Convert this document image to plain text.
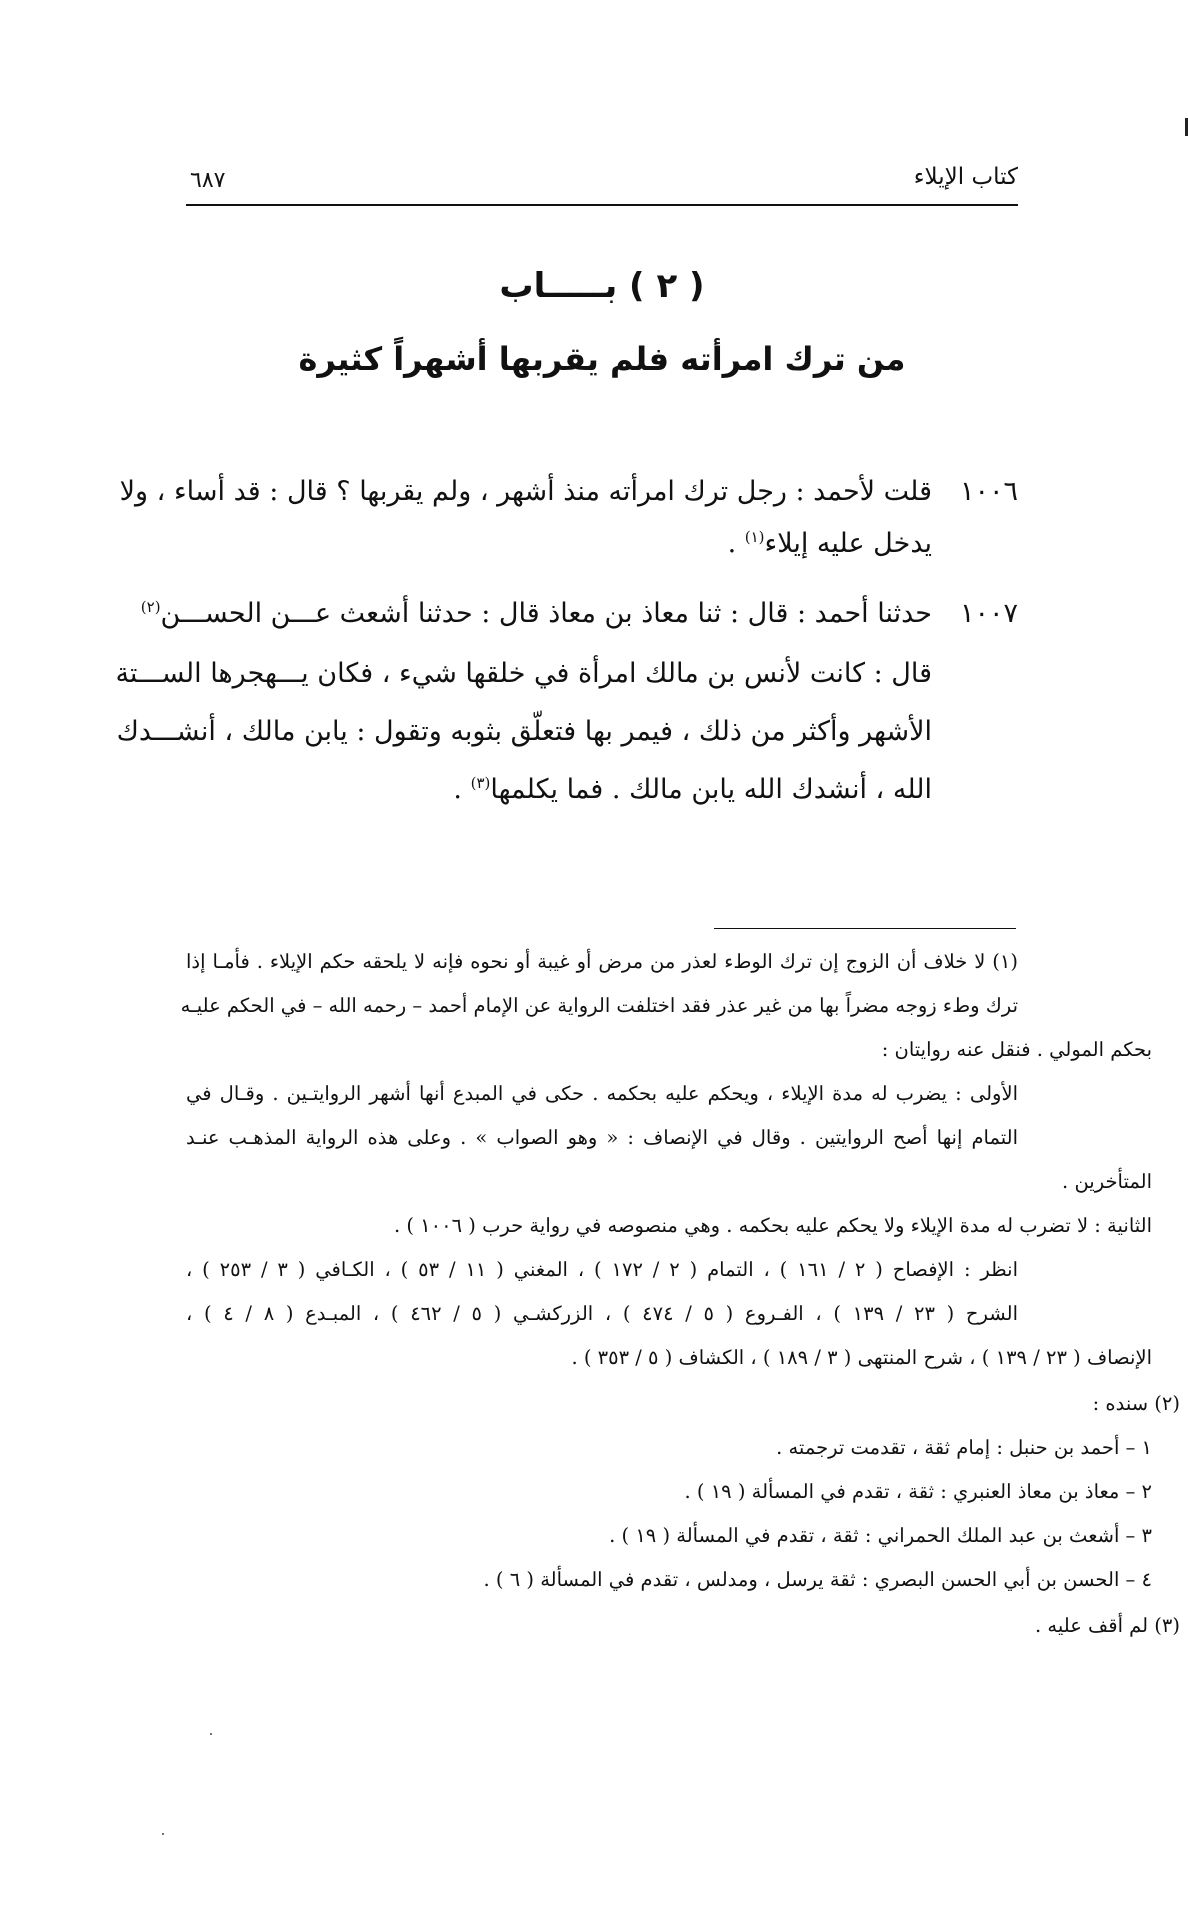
كتاب الإيلاء
٦٨٧
( ٢ ) بـــــاب
من ترك امرأته فلم يقربها أشهراً كثيرة
١٠٠٦
قلت لأحمد : رجل ترك امرأته منذ أشهر ، ولم يقربها ؟ قال : قد أساء ، ولا
يدخل عليه إيلاء$^{(١)}$ .
١٠٠٧
حدثنا أحمد : قال : ثنا معاذ بن معاذ قال : حدثنا أشعث عـــن الحســـن$^{(٢)}$
قال : كانت لأنس بن مالك امرأة في خلقها شيء ، فكان يـــهجرها الســـتة
الأشهر وأكثر من ذلك ، فيمر بها فتعلّق بثوبه وتقول : يابن مالك ، أنشـــدك
الله ، أنشدك الله يابن مالك . فما يكلمها$^{(٣)}$ .
(١) لا خلاف أن الزوج إن ترك الوطء لعذر من مرض أو غيبة أو نحوه فإنه لا يلحقه حكم الإيلاء . فأمـا إذا
ترك وطء زوجه مضراً بها من غير عذر فقد اختلفت الرواية عن الإمام أحمد – رحمه الله – في الحكم عليـه
بحكم المولي . فنقل عنه روايتان :
الأولى : يضرب له مدة الإيلاء ، ويحكم عليه بحكمه . حكى في المبدع أنها أشهر الروايتـين . وقـال في
التمام إنها أصح الروايتين . وقال في الإنصاف : « وهو الصواب » . وعلى هذه الرواية المذهـب عنـد
المتأخرين .
الثانية : لا تضرب له مدة الإيلاء ولا يحكم عليه بحكمه . وهي منصوصه في رواية حرب ( ١٠٠٦ ) .
انظر : الإفصاح ( ٢ / ١٦١ ) ، التمام ( ٢ / ١٧٢ ) ، المغني ( ١١ / ٥٣ ) ، الكـافي ( ٣ / ٢٥٣ ) ،
الشرح ( ٢٣ / ١٣٩ ) ، الفـروع ( ٥ / ٤٧٤ ) ، الزركشـي ( ٥ / ٤٦٢ ) ، المبـدع ( ٨ / ٤ ) ،
الإنصاف ( ٢٣ / ١٣٩ ) ، شرح المنتهى ( ٣ / ١٨٩ ) ، الكشاف ( ٥ / ٣٥٣ ) .
(٢) سنده :
١ – أحمد بن حنبل : إمام ثقة ، تقدمت ترجمته .
٢ – معاذ بن معاذ العنبري : ثقة ، تقدم في المسألة ( ١٩ ) .
٣ – أشعث بن عبد الملك الحمراني : ثقة ، تقدم في المسألة ( ١٩ ) .
٤ – الحسن بن أبي الحسن البصري : ثقة يرسل ، ومدلس ، تقدم في المسألة ( ٦ ) .
(٣) لم أقف عليه .
